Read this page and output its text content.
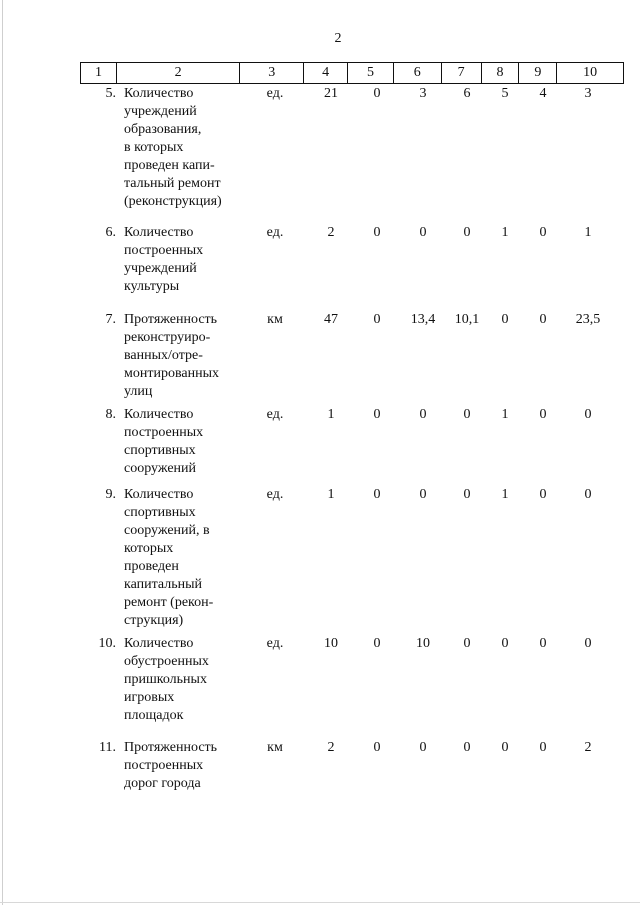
2
1	2	3	4	5	6	7	8	9	10
5. Количество
учреждений
образования,
в которых
проведен капи-
тальный ремонт
(реконструкция)
ед.	21	0	3	6	5	4	3
6. Количество
построенных
учреждений
культуры
ед.	2	0	0	0	1	0	1
7. Протяженность
реконструиро-
ванных/отре-
монтированных
улиц
км	47	0	13,4	10,1	0	0	23,5
8. Количество
построенных
спортивных
сооружений
ед.	1	0	0	0	1	0	0
9. Количество
спортивных
сооружений, в
которых
проведен
капитальный
ремонт (рекон-
струкция)
ед.	1	0	0	0	1	0	0
10. Количество
обустроенных
пришкольных
игровых
площадок
ед.	10	0	10	0	0	0	0
11. Протяженность
построенных
дорог города
км	2	0	0	0	0	0	2
